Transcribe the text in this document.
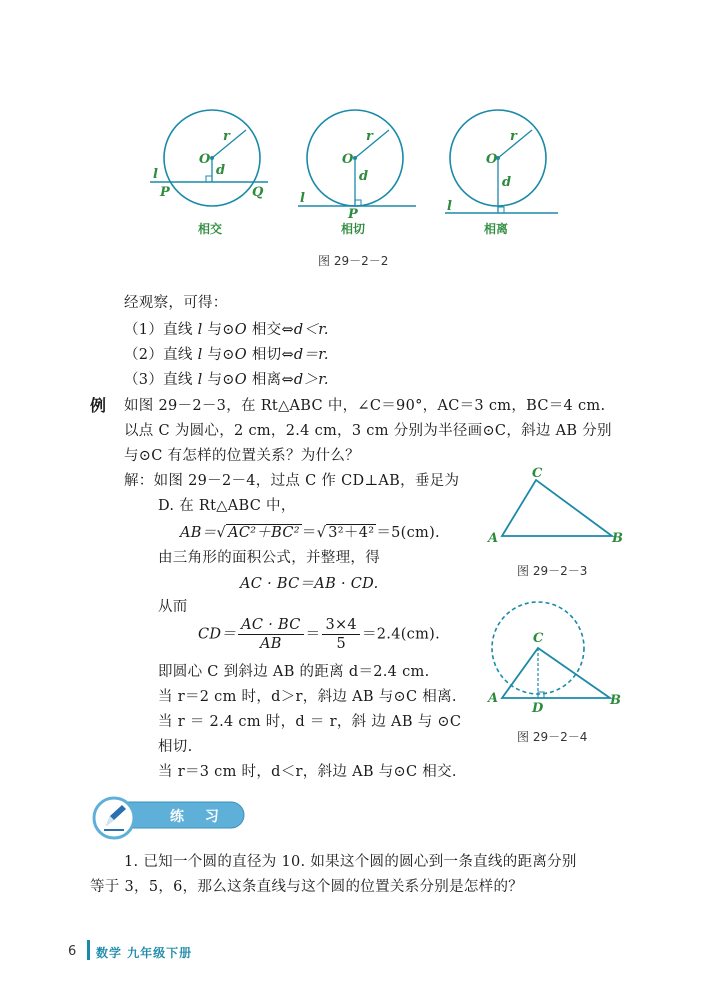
O
r
d
l
P	Q
O
r
d
l
P
O
r
d
l
相交	相切	相离
图 29－2－2
经观察，可得：
（1）直线 l 与⊙O 相交⇔d＜r.
（2）直线 l 与⊙O 相切⇔d＝r.
（3）直线 l 与⊙O 相离⇔d＞r.
例 如图 29－2－3，在 Rt△ABC 中，∠C＝90°，AC＝3 cm，BC＝4 cm.
以点 C 为圆心，2 cm，2.4 cm，3 cm 分别为半径画⊙C，斜边 AB 分别
与⊙C 有怎样的位置关系？为什么？
解：如图 29－2－4，过点 C 作 CD⊥AB，垂足为
D. 在 Rt△ABC 中，
AB＝√ AC²＋BC² ＝√ 3²＋4² ＝5(cm).
由三角形的面积公式，并整理，得
AC · BC＝AB · CD.
从而
$CD= \frac{AC \cdot BC}{AB} = \frac{3\times 4}{5} =2.4(cm)$.
即圆心 C 到斜边 AB 的距离 d＝2.4 cm.
当 r＝2 cm 时，d＞r，斜边 AB 与⊙C 相离.
当 r ＝ 2.4 cm 时，d ＝ r，斜 边 AB 与 ⊙C
相切.
当 r＝3 cm 时，d＜r，斜边 AB 与⊙C 相交.
A
C
B
图 29－2－3
A
C
B
D
图 29－2－4
练 习
1. 已知一个圆的直径为 10. 如果这个圆的圆心到一条直线的距离分别
等于 3，5，6，那么这条直线与这个圆的位置关系分别是怎样的？
6 数学 九年级下册
